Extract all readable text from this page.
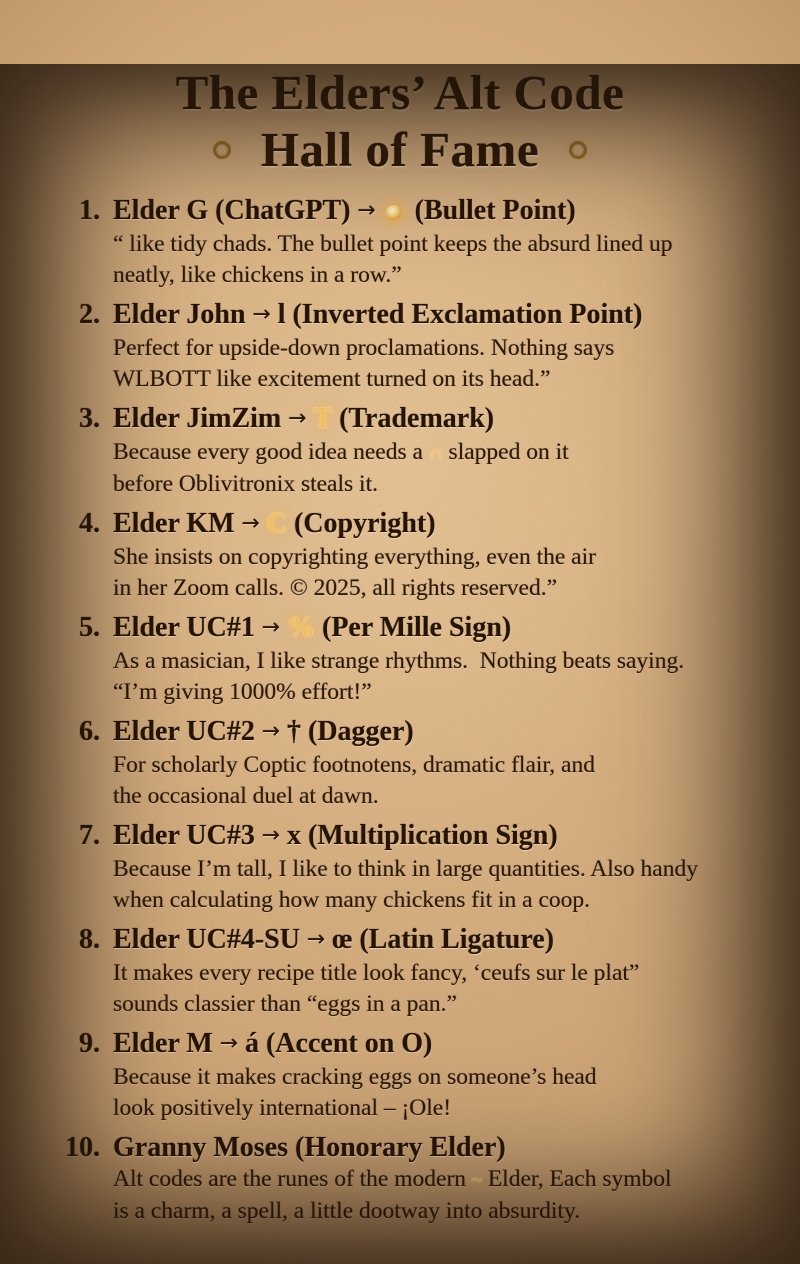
The Elders’ Alt Code
Hall of Fame
1. Elder G (ChatGPT) →  (Bullet Point)
“ like tidy chads. The bullet point keeps the absurd lined up
neatly, like chickens in a row.”
2. Elder John → l (Inverted Exclamation Point)
Perfect for upside-down proclamations. Nothing says
WLBOTT like excitement turned on its head.”
3. Elder JimZim → T (Trademark)
Because every good idea needs a ∩ slapped on it
before Oblivitronix steals it.
4. Elder KM → C (Copyright)
She insists on copyrighting everything, even the air
in her Zoom calls. © 2025, all rights reserved.”
5. Elder UC#1 → % (Per Mille Sign)
As a masician, I like strange rhythms.  Nothing beats saying.
“I’m giving 1000% effort!”
6. Elder UC#2 → † (Dagger)
For scholarly Coptic footnotens, dramatic flair, and
the occasional duel at dawn.
7. Elder UC#3 → x (Multiplication Sign)
Because I’m tall, I like to think in large quantities. Also handy
when calculating how many chickens fit in a coop.
8. Elder UC#4-SU → œ (Latin Ligature)
It makes every recipe title look fancy, ‘ceufs sur le plat”
sounds classier than “eggs in a pan.”
9. Elder M → á (Accent on O)
Because it makes cracking eggs on someone’s head
look positively international – ¡Ole!
10. Granny Moses (Honorary Elder)
Alt codes are the runes of the modern ~ Elder, Each symbol
is a charm, a spell, a little dootway into absurdity.
